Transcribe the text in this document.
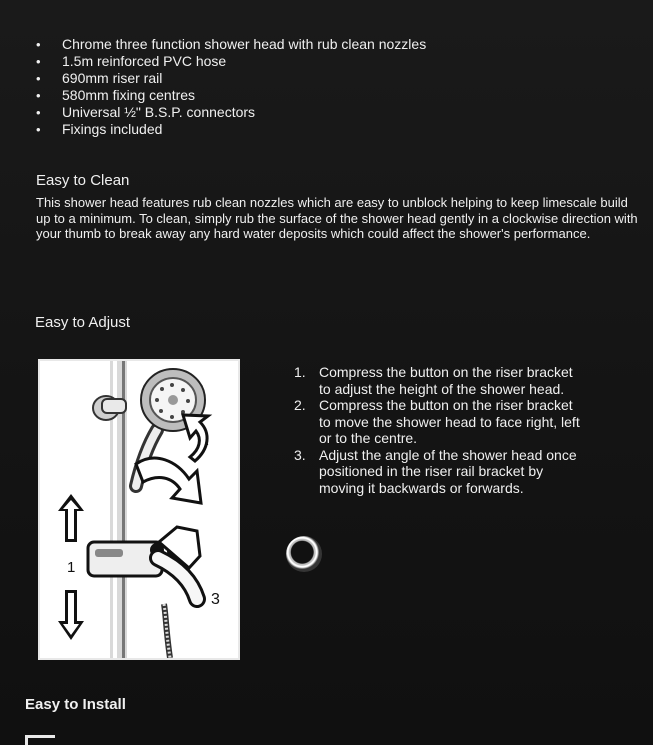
• Chrome three function shower head with rub clean nozzles
• 1.5m reinforced PVC hose
• 690mm riser rail
• 580mm fixing centres
• Universal ½" B.S.P. connectors
• Fixings included
Easy to Clean

This shower head features rub clean nozzles which are easy to unblock helping to keep limescale build up to a minimum. To clean, simply rub the surface of the shower head gently in a clockwise direction with your thumb to break away any hard water deposits which could affect the shower's performance.

Easy to Adjust
1
3
1. Compress the button on the riser bracket to adjust the height of the shower head.
2. Compress the button on the riser bracket to move the shower head to face right, left or to the centre.
3. Adjust the angle of the shower head once positioned in the riser rail bracket by moving it backwards or forwards.
Easy to Install
